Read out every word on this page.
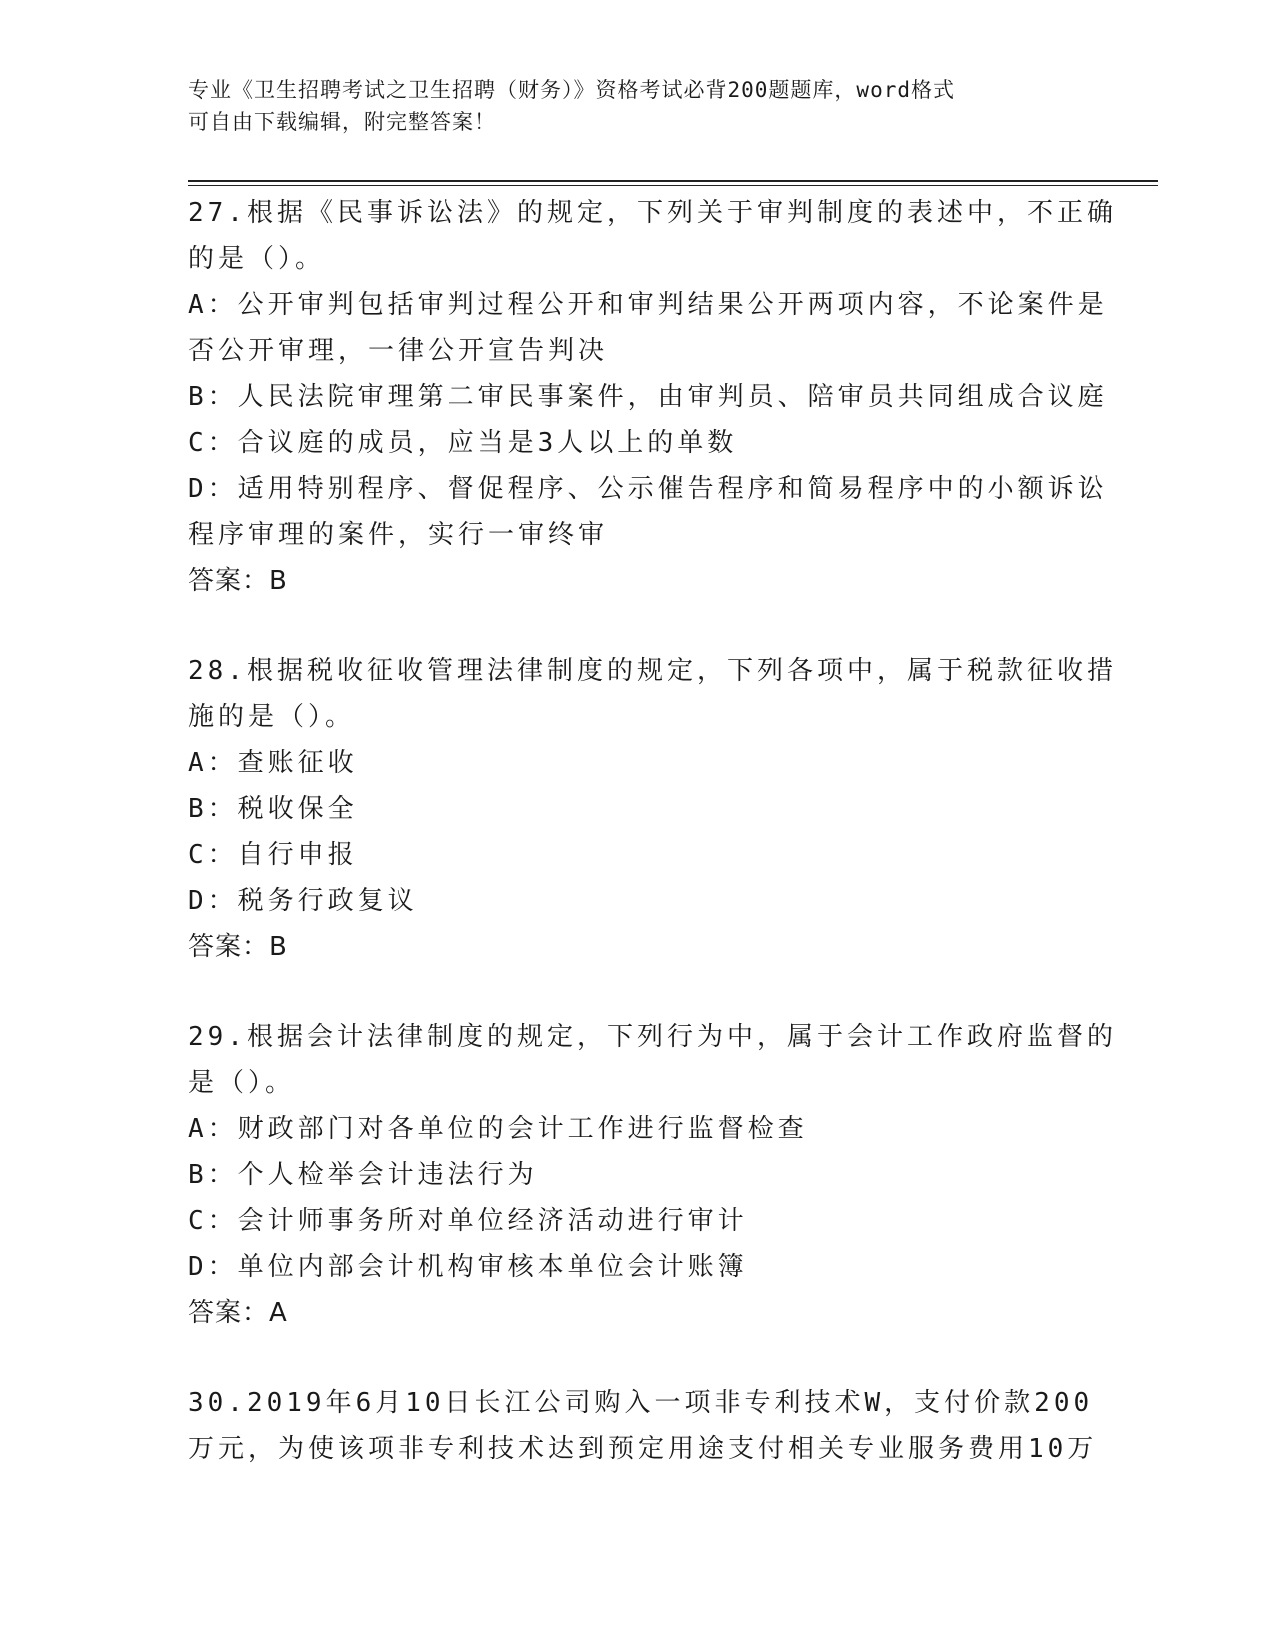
专业《卫生招聘考试之卫生招聘（财务）》资格考试必背200题题库，word格式
可自由下载编辑，附完整答案！
27.根据《民事诉讼法》的规定，下列关于审判制度的表述中，不正确
的是（）。
A：公开审判包括审判过程公开和审判结果公开两项内容，不论案件是
否公开审理，一律公开宣告判决
B：人民法院审理第二审民事案件，由审判员、陪审员共同组成合议庭
C：合议庭的成员，应当是3人以上的单数
D：适用特别程序、督促程序、公示催告程序和简易程序中的小额诉讼
程序审理的案件，实行一审终审
答案：B
28.根据税收征收管理法律制度的规定，下列各项中，属于税款征收措
施的是（）。
A：查账征收
B：税收保全
C：自行申报
D：税务行政复议
答案：B
29.根据会计法律制度的规定，下列行为中，属于会计工作政府监督的
是（）。
A：财政部门对各单位的会计工作进行监督检查
B：个人检举会计违法行为
C：会计师事务所对单位经济活动进行审计
D：单位内部会计机构审核本单位会计账簿
答案：A
30.2019年6月10日长江公司购入一项非专利技术W，支付价款200
万元，为使该项非专利技术达到预定用途支付相关专业服务费用10万
